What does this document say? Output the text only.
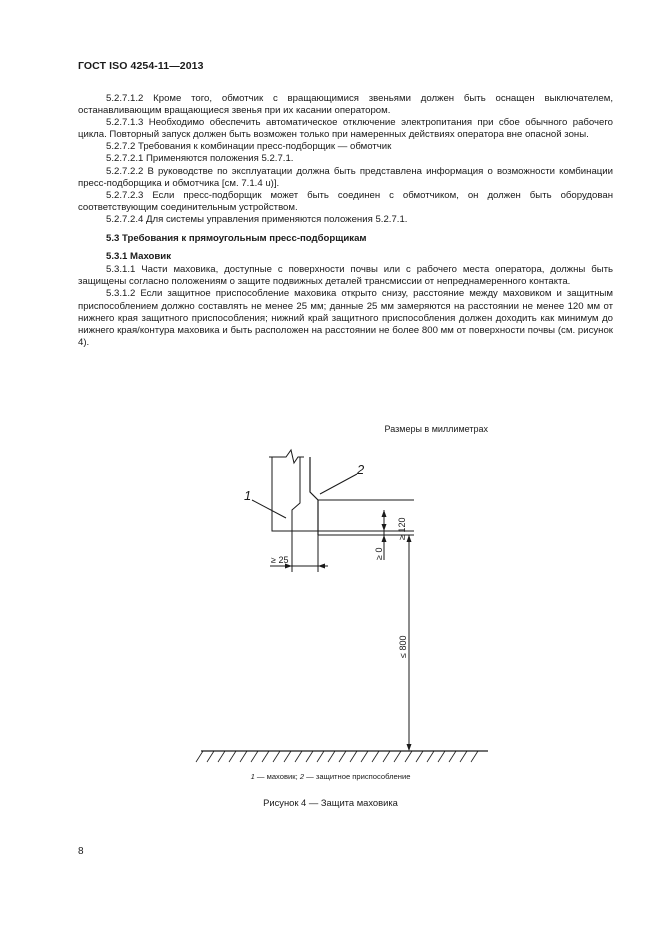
ГОСТ ISO 4254-11—2013

5.2.7.1.2 Кроме того, обмотчик с вращающимися звеньями должен быть оснащен выключателем, останавливающим вращающиеся звенья при их касании оператором.

5.2.7.1.3 Необходимо обеспечить автоматическое отключение электропитания при сбое обычного рабочего цикла. Повторный запуск должен быть возможен только при намеренных действиях оператора вне опасной зоны.

5.2.7.2 Требования к комбинации пресс-подборщик — обмотчик

5.2.7.2.1 Применяются положения 5.2.7.1.

5.2.7.2.2 В руководстве по эксплуатации должна быть представлена информация о возможности комбинации пресс-подборщика и обмотчика [см. 7.1.4 u)].

5.2.7.2.3 Если пресс-подборщик может быть соединен с обмотчиком, он должен быть оборудован соответствующим соединительным устройством.

5.2.7.2.4 Для системы управления применяются положения 5.2.7.1.

5.3 Требования к прямоугольным пресс-подборщикам

5.3.1 Маховик

5.3.1.1 Части маховика, доступные с поверхности почвы или с рабочего места оператора, должны быть защищены согласно положениям о защите подвижных деталей трансмиссии от непреднамеренного контакта.

5.3.1.2 Если защитное приспособление маховика открыто снизу, расстояние между маховиком и защитным приспособлением должно составлять не менее 25 мм; данные 25 мм замеряются на расстоянии не менее 120 мм от нижнего края защитного приспособления; нижний край защитного приспособления должен доходить как минимум до нижнего края/контура маховика и быть расположен на расстоянии не более 800 мм от поверхности почвы (см. рисунок 4).

Размеры в миллиметрах
1
2
≥ 120
≥ 0
≤ 800
≥ 25
1 — маховик; 2 — защитное приспособление
Рисунок 4 — Защита маховика
8
